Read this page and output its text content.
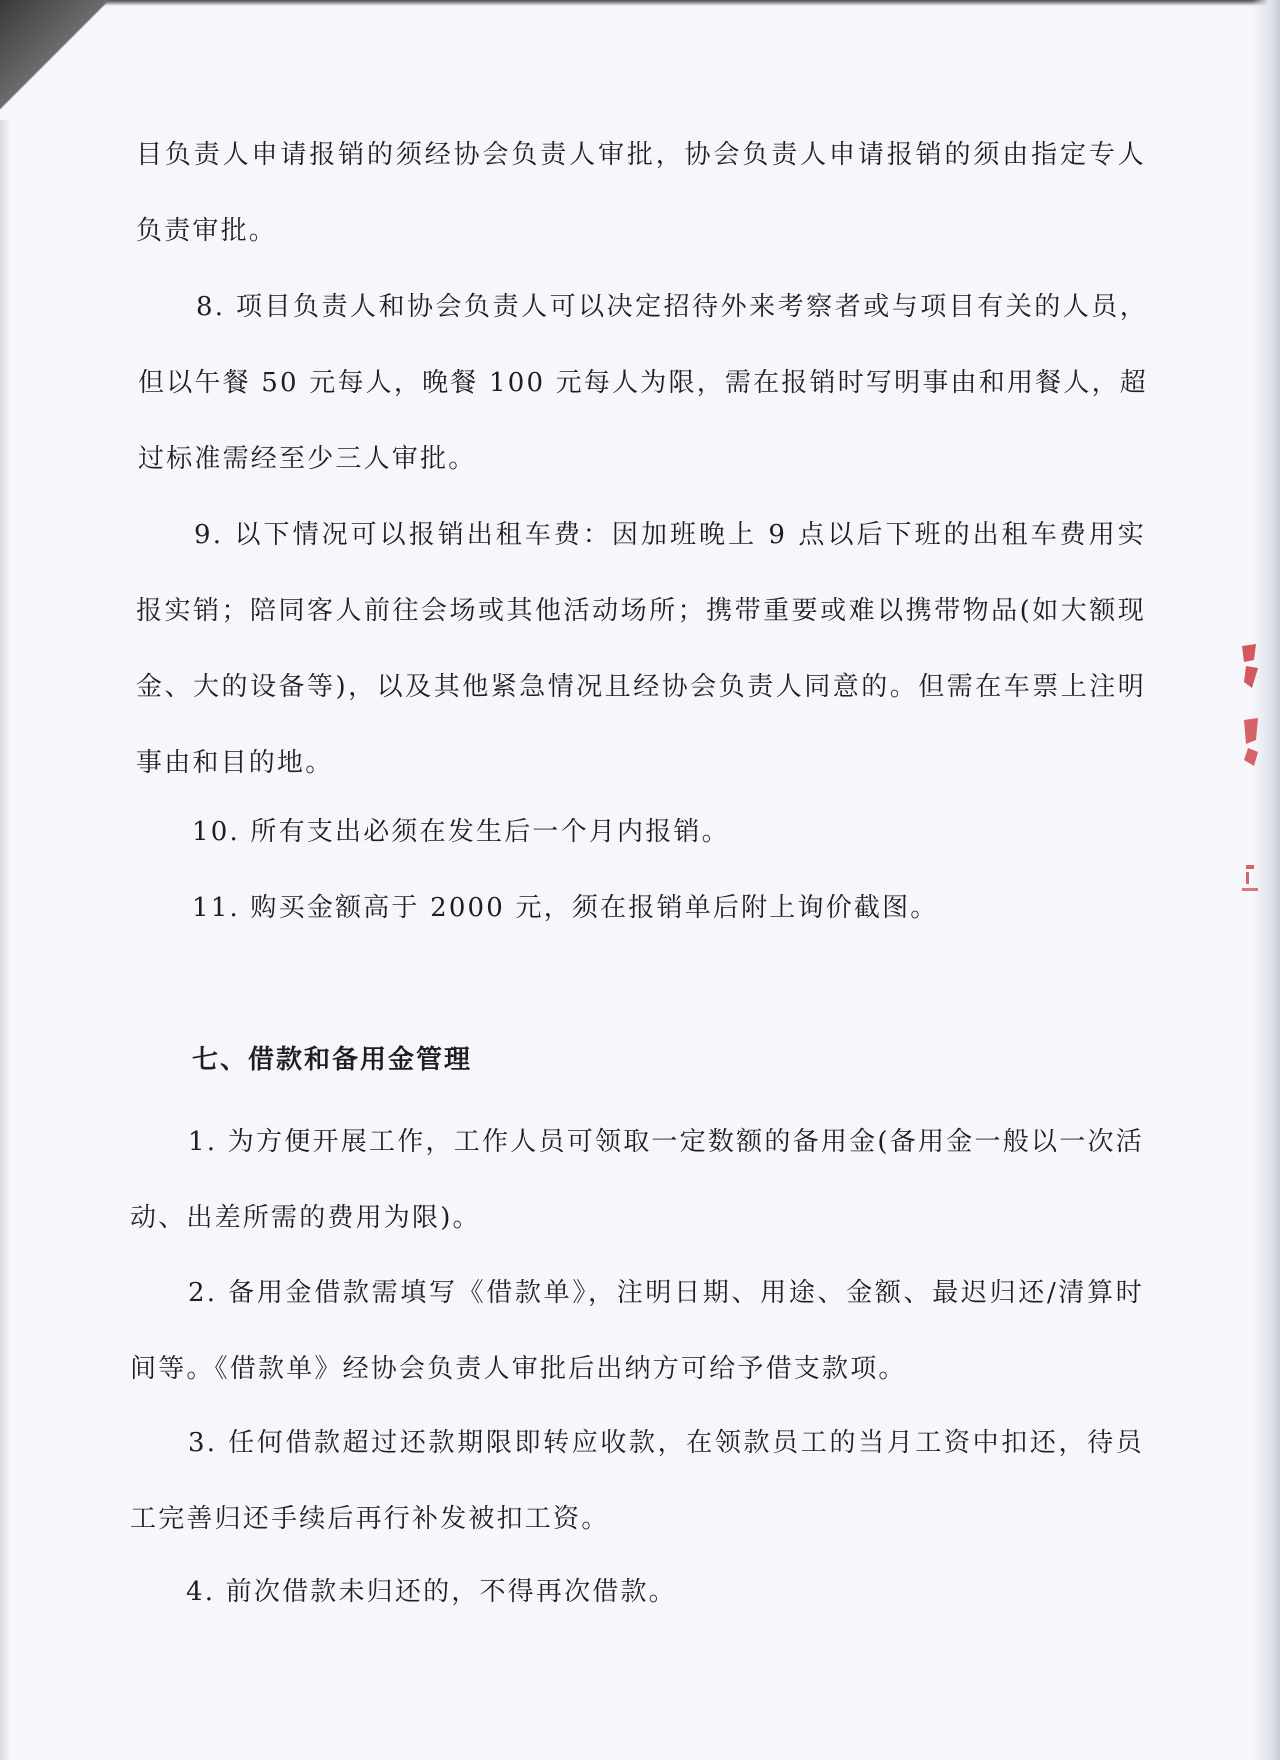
目负责人申请报销的须经协会负责人审批，协会负责人申请报销的须由指定专人负责审批。

8. 项目负责人和协会负责人可以决定招待外来考察者或与项目有关的人员，但以午餐 50 元每人，晚餐 100 元每人为限，需在报销时写明事由和用餐人，超过标准需经至少三人审批。

9. 以下情况可以报销出租车费：因加班晚上 9 点以后下班的出租车费用实报实销；陪同客人前往会场或其他活动场所；携带重要或难以携带物品(如大额现金、大的设备等)，以及其他紧急情况且经协会负责人同意的。但需在车票上注明事由和目的地。

10. 所有支出必须在发生后一个月内报销。

11. 购买金额高于 2000 元，须在报销单后附上询价截图。

七、借款和备用金管理

1. 为方便开展工作，工作人员可领取一定数额的备用金(备用金一般以一次活动、出差所需的费用为限)。

2. 备用金借款需填写《借款单》，注明日期、用途、金额、最迟归还/清算时间等。《借款单》经协会负责人审批后出纳方可给予借支款项。

3. 任何借款超过还款期限即转应收款，在领款员工的当月工资中扣还，待员工完善归还手续后再行补发被扣工资。

4. 前次借款未归还的，不得再次借款。
